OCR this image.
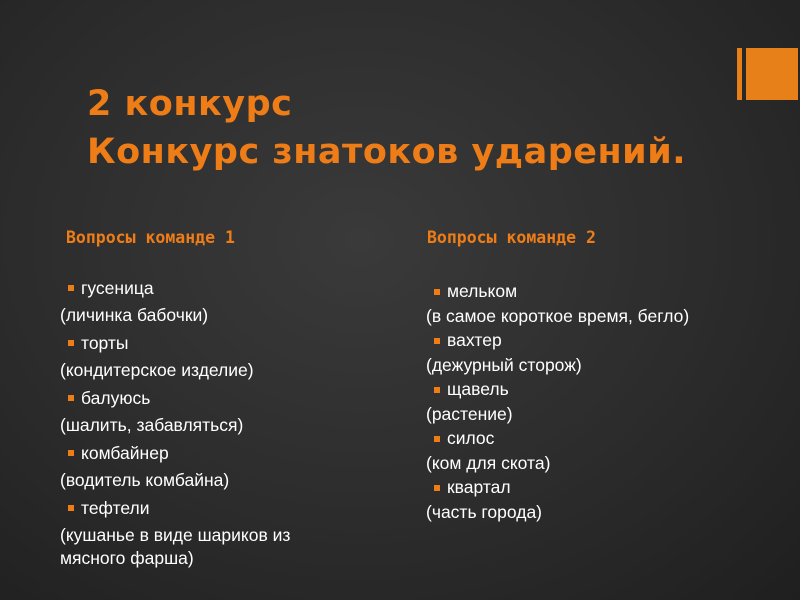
2 конкурс
Конкурс знатоков ударений.
Вопросы команде 1	Вопросы команде 2
гусеница
(личинка бабочки)
торты
(кондитерское изделие)
балуюсь
(шалить, забавляться)
комбайнер
(водитель комбайна)
тефтели
(кушанье в виде шариков из мясного фарша)
мельком
(в самое короткое время, бегло)
вахтер
(дежурный сторож)
щавель
(растение)
силос
(ком для скота)
квартал
(часть города)
